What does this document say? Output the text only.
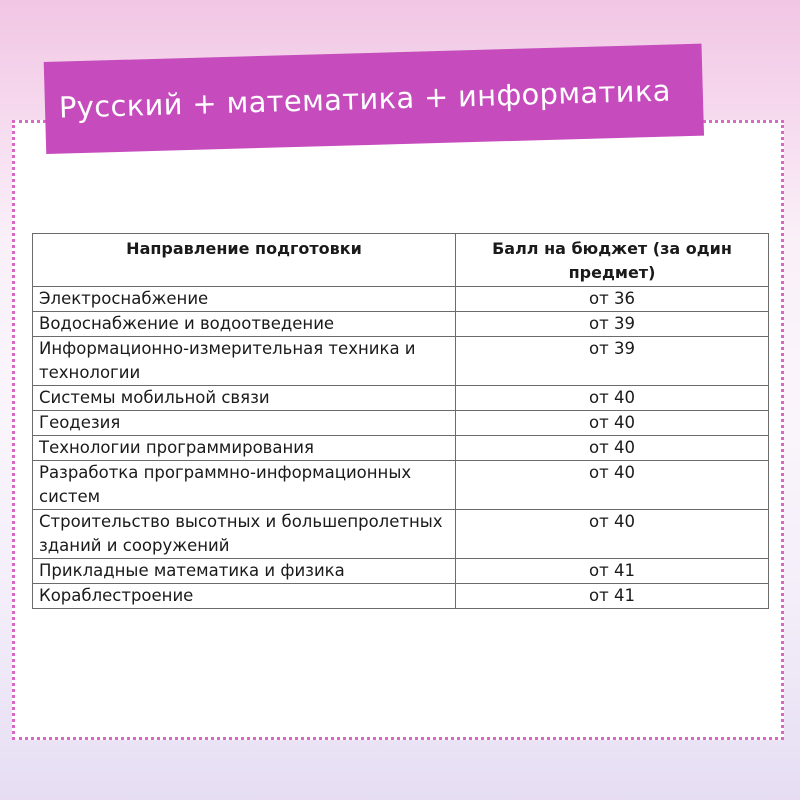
Русский + математика + информатика
Направление подготовки	Балл на бюджет (за один предмет)
Электроснабжение	от 36
Водоснабжение и водоотведение	от 39
Информационно-измерительная техника и технологии	от 39
Системы мобильной связи	от 40
Геодезия	от 40
Технологии программирования	от 40
Разработка программно-информационных систем	от 40
Строительство высотных и большепролетных зданий и сооружений	от 40
Прикладные математика и физика	от 41
Кораблестроение	от 41
